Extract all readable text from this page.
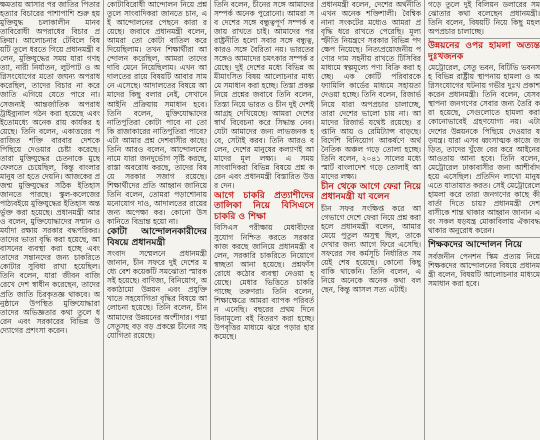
ক্ষমতায় আসার পর জাতির পিতার হত্যার বিচারের পাশাপাশি শুরু হয় মুক্তিযুদ্ধ চলাকালীন মানবতাবিরোধী অপরাধের বিচার প্রক্রিয়া। আলোচনার টেবিলে বিষয়টি তুলে ধরতে গিয়ে প্রধানমন্ত্রী বলেন, মুক্তিযুদ্ধের সময় যারা গণহত্যা, নারী নির্যাতন, লুটপাট ও অগ্নিসংযোগের মতো জঘন্য অপরাধ করেছিল, তাদের বিচার না করে জাতি এগিয়ে যেতে পারে না। সেজন্যই আন্তর্জাতিক অপরাধ ট্রাইব্যুনাল গঠন করা হয়েছে এবং ইতোমধ্যে অনেক রায় কার্যকর হয়েছে। তিনি বলেন, একাত্তরের পরাজিত শক্তি বারবার দেশকে পিছিয়ে দেওয়ার চেষ্টা করেছে। তারা মুক্তিযুদ্ধের চেতনাকে মুছে ফেলতে চেয়েছিল, কিন্তু বাংলার মানুষ তা হতে দেয়নি। আজকের প্রজন্ম মুক্তিযুদ্ধের সঠিক ইতিহাস জানতে পারছে। স্কুল-কলেজের পাঠ্যবইয়ে মুক্তিযুদ্ধের ইতিহাস অন্তর্ভুক্ত করা হয়েছে। প্রধানমন্ত্রী আরও বলেন, মুক্তিযোদ্ধাদের সম্মান ও মর্যাদা রক্ষায় সরকার বদ্ধপরিকর। তাদের ভাতা বৃদ্ধি করা হয়েছে, আবাসনের ব্যবস্থা করা হচ্ছে এবং তাদের সন্তানদের জন্য চাকরিতে কোটার সুবিধা রাখা হয়েছিল। তিনি বলেন, যারা জীবন বাজি রেখে দেশ স্বাধীন করেছেন, তাদের প্রতি জাতি চিরকৃতজ্ঞ থাকবে। অনুষ্ঠানে উপস্থিত মুক্তিযোদ্ধারা তাদের অভিজ্ঞতার কথা তুলে ধরেন এবং সরকারের বিভিন্ন উদ্যোগের প্রশংসা করেন।

কোটাবিরোধী আন্দোলন নিয়ে প্রশ্ন তুলে সাংবাদিকরা জানতে চান, এই আন্দোলনের পেছনে কারা রয়েছে। জবাবে প্রধানমন্ত্রী বলেন, আমরা তো কোটা বাতিল করে দিয়েছিলাম। তখন শিক্ষার্থীরা আন্দোলন করেছিল, আমরা তাদের দাবি মেনে নিয়েছিলাম। এখন আদালতের রায়ে বিষয়টি আবার সামনে এসেছে। আদালতের বিষয়ে আমাদের কিছু বলার নেই, সেখানে আইনি প্রক্রিয়ায় সমাধান হবে। তিনি বলেন, মুক্তিযোদ্ধাদের নাতিপুতিরা কোটা পাবে না তো কি রাজাকারের নাতিপুতিরা পাবে? এটা আমার প্রশ্ন দেশবাসীর কাছে। তিনি আরও বলেন, আন্দোলনের নামে যারা জনদুর্ভোগ সৃষ্টি করছে, রাস্তা অবরোধ করছে, তাদের বিষয়ে সরকার সজাগ রয়েছে। শিক্ষার্থীদের প্রতি আহ্বান জানিয়ে তিনি বলেন, তোমরা পড়াশোনায় মনোযোগ দাও, আদালতের রায়ের জন্য অপেক্ষা কর। কোনো উসকানিতে বিভ্রান্ত হয়ো না।

কোটা আন্দোলনকারীদের বিষয়ে প্রধানমন্ত্রী

সংবাদ সম্মেলনে প্রধানমন্ত্রী জানান, চীন সফরে দুই দেশের মধ্যে বেশ কয়েকটি সমঝোতা স্মারক সই হয়েছে। বাণিজ্য, বিনিয়োগ, অবকাঠামো উন্নয়ন এবং প্রযুক্তি খাতে সহযোগিতা বৃদ্ধির বিষয়ে আলোচনা হয়েছে। তিনি বলেন, চীন আমাদের উন্নয়নের অংশীদার। পদ্মা সেতুসহ বড় বড় প্রকল্পে চীনের সহযোগিতা রয়েছে।

তিনি বলেন, চীনের সঙ্গে আমাদের সম্পর্ক অনেক পুরোনো। আমরা সব দেশের সঙ্গে বন্ধুত্বপূর্ণ সম্পর্ক বজায় রাখতে চাই। আমাদের পররাষ্ট্রনীতি হলো সবার সঙ্গে বন্ধুত্ব, কারও সঙ্গে বৈরিতা নয়। ভারতের সঙ্গেও আমাদের চমৎকার সম্পর্ক রয়েছে। দুই দেশের মধ্যে বিভিন্ন অমীমাংসিত বিষয় আলোচনার মাধ্যমে সমাধান করা হচ্ছে। তিস্তা প্রকল্প নিয়ে প্রশ্নের জবাবে তিনি বলেন, তিস্তা নিয়ে ভারত ও চীন দুই দেশই আগ্রহ দেখিয়েছে। আমরা দেশের স্বার্থ বিবেচনা করে সিদ্ধান্ত নেব। যেটা আমাদের জন্য লাভজনক হবে, সেটাই করব। তিনি আরও বলেন, দেশের মানুষের কল্যাণই আমাদের মূল লক্ষ্য। এ সময় সাংবাদিকরা বিভিন্ন বিষয়ে প্রশ্ন করেন এবং প্রধানমন্ত্রী বিস্তারিত উত্তর দেন।

আগে চাকরি প্রত্যাশীদের তালিকা নিয়ে বিসিএসে চাকরি ও শিক্ষা

বিসিএস পরীক্ষায় মেধাবীদের সুযোগ নিশ্চিত করতে সরকার কাজ করছে জানিয়ে প্রধানমন্ত্রী বলেন, সরকারি চাকরিতে নিয়োগে স্বচ্ছতা আনা হয়েছে। প্রশ্নফাঁস রোধে কঠোর ব্যবস্থা নেওয়া হয়েছে। মেধার ভিত্তিতে চাকরি পাচ্ছে তরুণরা। তিনি বলেন, শিক্ষাক্ষেত্রে আমরা ব্যাপক পরিবর্তন এনেছি। বছরের প্রথম দিনে বিনামূল্যে বই বিতরণ করা হচ্ছে। উপবৃত্তির মাধ্যমে ঝরে পড়ার হার কমেছে।

প্রধানমন্ত্রী বলেন, দেশের অর্থনীতি এখন অনেক শক্তিশালী। বৈশ্বিক নানা সংকটের মধ্যেও আমরা প্রবৃদ্ধি ধরে রাখতে পেরেছি। মূল্যস্ফীতি নিয়ন্ত্রণে সরকার বিভিন্ন পদক্ষেপ নিয়েছে। নিত্যপ্রয়োজনীয় পণ্যের দাম সহনীয় রাখতে টিসিবির মাধ্যমে স্বল্পমূল্যে পণ্য বিক্রি করা হচ্ছে। এক কোটি পরিবারকে ফ্যামিলি কার্ডের মাধ্যমে সহায়তা দেওয়া হচ্ছে। তিনি বলেন, রিজার্ভ নিয়ে যারা অপপ্রচার চালাচ্ছে, তারা দেশের ভালো চায় না। আমাদের রিজার্ভ যথেষ্ট রয়েছে। রপ্তানি আয় ও রেমিট্যান্স বাড়ছে। বিদেশি বিনিয়োগ আকর্ষণে অর্থনৈতিক অঞ্চল গড়ে তোলা হচ্ছে। তিনি বলেন, ২০৪১ সালের মধ্যে স্মার্ট বাংলাদেশ গড়ে তোলাই আমাদের লক্ষ্য।

চীন থেকে আগে ফেরা নিয়ে প্রধানমন্ত্রী যা বলেন

চীন সফর সংক্ষিপ্ত করে আগেভাগে দেশে ফেরা নিয়ে প্রশ্ন করা হলে প্রধানমন্ত্রী বলেন, আমার মেয়ে পুতুল অসুস্থ ছিল, তাকে দেখার জন্য আগে ফিরে এসেছি। সফরের সব কর্মসূচি নির্ধারিত সময়েই শেষ হয়েছে। কোনো কিছু বাকি থাকেনি। তিনি বলেন, এ নিয়ে অনেকে অনেক কথা বলছেন, কিন্তু আসল সত্য এটাই।

গড়ে তুলে দুই বিলিয়ন ডলারের সমঝোতার কথা বলেছেন প্রধানমন্ত্রী। তিনি বলেন, বিষয়টি নিয়ে কিছু মহল অপপ্রচার চালাচ্ছে।

উন্নয়নের ওপর হামলা অত্যন্ত দুঃখজনক

মেট্রোরেল, সেতু ভবন, বিটিভি ভবনসহ বিভিন্ন রাষ্ট্রীয় স্থাপনায় হামলা ও অগ্নিসংযোগের ঘটনায় গভীর দুঃখ প্রকাশ করেন প্রধানমন্ত্রী। তিনি বলেন, যেসব স্থাপনা জনগণের সেবার জন্য তৈরি করা হয়েছে, সেগুলোতে হামলা করা কোনোভাবেই গ্রহণযোগ্য নয়। এটা দেশের উন্নয়নকে পিছিয়ে দেওয়ার ষড়যন্ত্র। যারা এসব ধ্বংসাত্মক কাজে জড়িত, তাদের খুঁজে বের করে আইনের আওতায় আনা হবে। তিনি বলেন, মেট্রোরেল ঢাকাবাসীর জন্য আশীর্বাদ হয়ে এসেছিল। প্রতিদিন লাখো মানুষ এতে যাতায়াত করত। সেই মেট্রোরেলে হামলা করে তারা জনগণের কাছে কী বার্তা দিতে চায়? প্রধানমন্ত্রী দেশবাসীকে শান্ত থাকার আহ্বান জানান এবং সকল ষড়যন্ত্র মোকাবিলায় ঐক্যবদ্ধ থাকার অনুরোধ করেন।

শিক্ষকদের আন্দোলন নিয়ে

সর্বজনীন পেনশন স্কিম প্রত্যয় নিয়ে শিক্ষকদের আন্দোলনের বিষয়ে প্রধানমন্ত্রী বলেন, বিষয়টি আলোচনার মাধ্যমে সমাধান করা হবে।
